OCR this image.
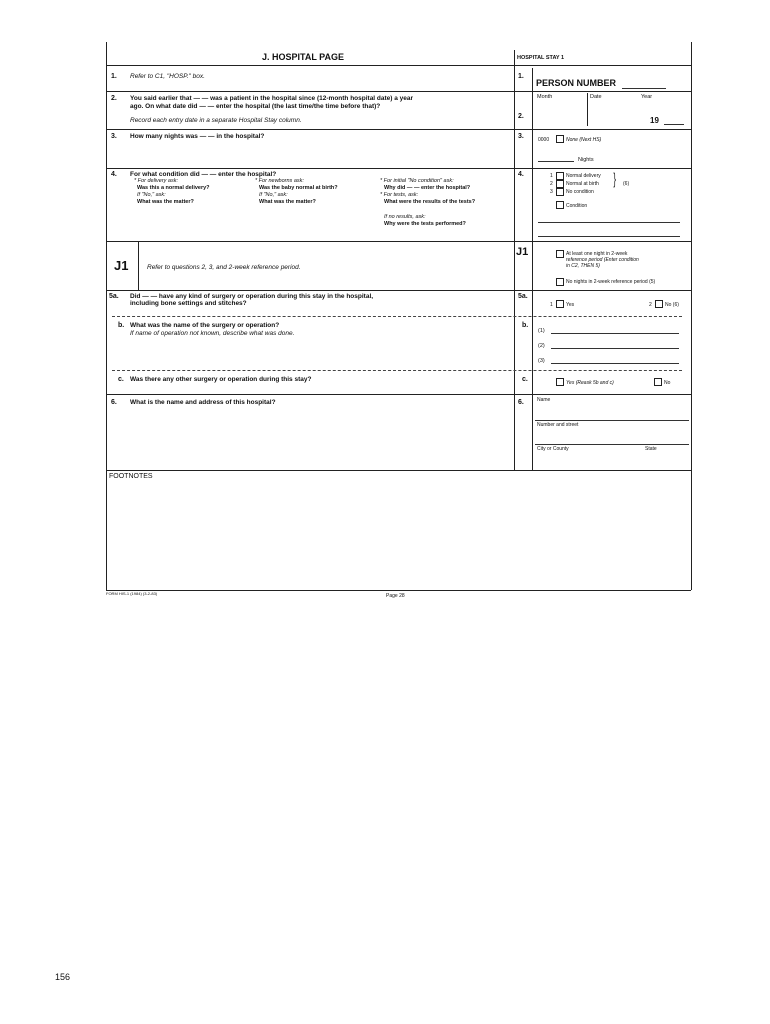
J. HOSPITAL PAGE	HOSPITAL STAY 1
1. Refer to C1, "HOSP." box.	1.
PERSON NUMBER
2. You said earlier that — — was a patient in the hospital since (12-month hospital date) a year
ago. On what date did — — enter the hospital (the last time/the time before that)?
Record each entry date in a separate Hospital Stay column.
2.
Month	Date	Year
19
3. How many nights was — — in the hospital?	3.	0000	None (Next HS)
Nights
4. For what condition did — — enter the hospital?
* For delivery ask:
Was this a normal delivery?
If "No," ask:
What was the matter?
* For newborns ask:
Was the baby normal at birth?
If "No," ask:
What was the matter?
* For initial "No condition" ask:
Why did — — enter the hospital?
* For tests, ask:
What were the results of the tests?
If no results, ask:
Why were the tests performed?
4.	1	Normal delivery
2	Normal at birth
3	No condition
} (6)
Condition
J1	Refer to questions 2, 3, and 2-week reference period.
J1	At least one night in 2-week
reference period (Enter condition
in C2, THEN 5)
No nights in 2-week reference period (5)
5a. Did — — have any kind of surgery or operation during this stay in the hospital,
including bone settings and stitches?
5a.
1	Yes	2	No (6)
b. What was the name of the surgery or operation?
If name of operation not known, describe what was done.
b.
(1)
(2)
(3)
c. Was there any other surgery or operation during this stay?	c.	Yes (Reask 5b and c)	No
6. What is the name and address of this hospital?	6.	Name
Number and street
City or County	State
FOOTNOTES
FORM HIS-1 (1984) (3-2-83)	Page 28
156
